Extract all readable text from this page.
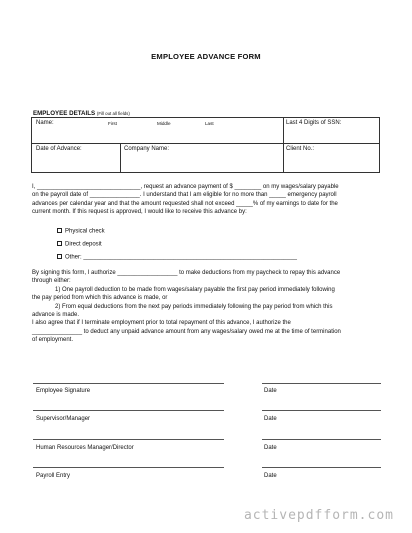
EMPLOYEE ADVANCE FORM
EMPLOYEE DETAILS (Fill out all fields)
Name:	First	Middle	Last	Last 4 Digits of SSN:
Date of Advance:	Company Name:	Client No.:
I, _______________________________, request an advance payment of $ ________ on my wages/salary payable
on the payroll date of _______________. I understand that I am eligible for no more than _____ emergency payroll
advances per calendar year and that the amount requested shall not exceed _____% of my earnings to date for the
current month. If this request is approved, I would like to receive this advance by:
Physical check
Direct deposit
Other: ________________________________________________________________
By signing this form, I authorize __________________ to make deductions from my paycheck to repay this advance
through either:
1) One payroll deduction to be made from wages/salary payable the first pay period immediately following
the pay period from which this advance is made, or
2) From equal deductions from the next pay periods immediately following the pay period from which this
advance is made.
I also agree that if I terminate employment prior to total repayment of this advance, I authorize the
_______________ to deduct any unpaid advance amount from any wages/salary owed me at the time of termination
of employment.
Employee Signature	Date
Supervisor/Manager	Date
Human Resources Manager/Director	Date
Payroll Entry	Date
activepdfform.com
